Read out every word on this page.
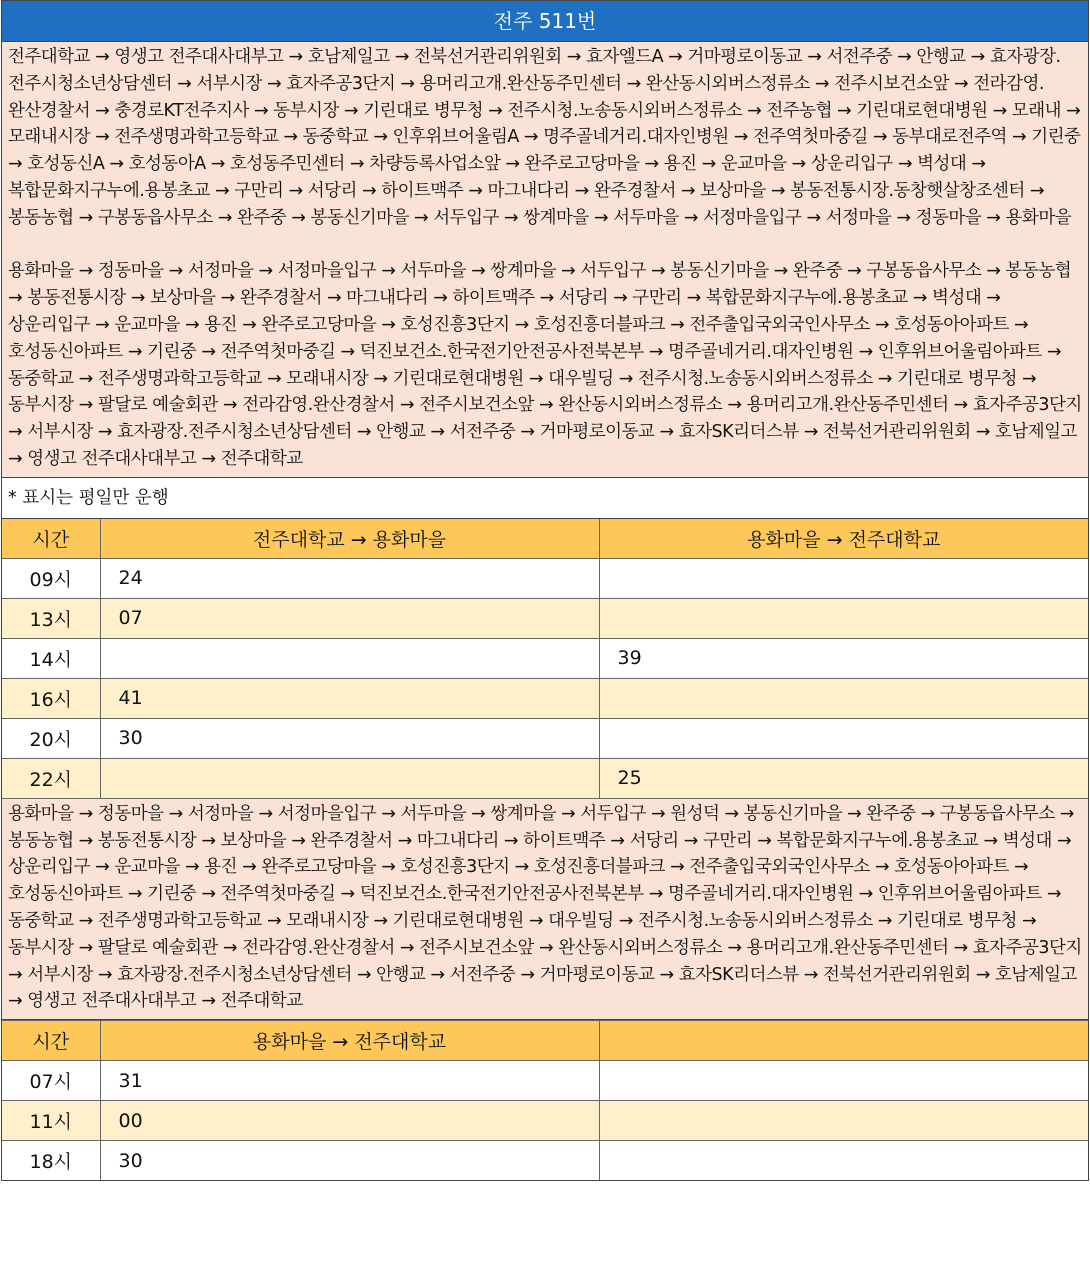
전주 511번

전주대학교 → 영생고 전주대사대부고 → 호남제일고 → 전북선거관리위원회 → 효자엘드A → 거마평로이동교 → 서전주중 → 안행교 → 효자광장.전주시청소년상담센터 → 서부시장 → 효자주공3단지 → 용머리고개.완산동주민센터 → 완산동시외버스정류소 → 전주시보건소앞 → 전라감영.완산경찰서 → 충경로KT전주지사 → 동부시장 → 기린대로 병무청 → 전주시청.노송동시외버스정류소 → 전주농협 → 기린대로현대병원 → 모래내 → 모래내시장 → 전주생명과학고등학교 → 동중학교 → 인후위브어울림A → 명주골네거리.대자인병원 → 전주역첫마중길 → 동부대로전주역 → 기린중 → 호성동신A → 호성동아A → 호성동주민센터 → 차량등록사업소앞 → 완주로고당마을 → 용진 → 운교마을 → 상운리입구 → 벽성대 → 복합문화지구누에.용봉초교 → 구만리 → 서당리 → 하이트맥주 → 마그내다리 → 완주경찰서 → 보상마을 → 봉동전통시장.동창햇살창조센터 → 봉동농협 → 구봉동읍사무소 → 완주중 → 봉동신기마을 → 서두입구 → 쌍계마을 → 서두마을 → 서정마을입구 → 서정마을 → 정동마을 → 용화마을

용화마을 → 정동마을 → 서정마을 → 서정마을입구 → 서두마을 → 쌍계마을 → 서두입구 → 봉동신기마을 → 완주중 → 구봉동읍사무소 → 봉동농협 → 봉동전통시장 → 보상마을 → 완주경찰서 → 마그내다리 → 하이트맥주 → 서당리 → 구만리 → 복합문화지구누에.용봉초교 → 벽성대 → 상운리입구 → 운교마을 → 용진 → 완주로고당마을 → 호성진흥3단지 → 호성진흥더블파크 → 전주출입국외국인사무소 → 호성동아아파트 → 호성동신아파트 → 기린중 → 전주역첫마중길 → 덕진보건소.한국전기안전공사전북본부 → 명주골네거리.대자인병원 → 인후위브어울림아파트 → 동중학교 → 전주생명과학고등학교 → 모래내시장 → 기린대로현대병원 → 대우빌딩 → 전주시청.노송동시외버스정류소 → 기린대로 병무청 → 동부시장 → 팔달로 예술회관 → 전라감영.완산경찰서 → 전주시보건소앞 → 완산동시외버스정류소 → 용머리고개.완산동주민센터 → 효자주공3단지 → 서부시장 → 효자광장.전주시청소년상담센터 → 안행교 → 서전주중 → 거마평로이동교 → 효자SK리더스뷰 → 전북선거관리위원회 → 호남제일고 → 영생고 전주대사대부고 → 전주대학교

* 표시는 평일만 운행
시간	전주대학교 → 용화마을	용화마을 → 전주대학교
09시	24	
13시	07	
14시		39
16시	41	
20시	30	
22시		25

용화마을 → 정동마을 → 서정마을 → 서정마을입구 → 서두마을 → 쌍계마을 → 서두입구 → 원성덕 → 봉동신기마을 → 완주중 → 구봉동읍사무소 → 봉동농협 → 봉동전통시장 → 보상마을 → 완주경찰서 → 마그내다리 → 하이트맥주 → 서당리 → 구만리 → 복합문화지구누에.용봉초교 → 벽성대 → 상운리입구 → 운교마을 → 용진 → 완주로고당마을 → 호성진흥3단지 → 호성진흥더블파크 → 전주출입국외국인사무소 → 호성동아아파트 → 호성동신아파트 → 기린중 → 전주역첫마중길 → 덕진보건소.한국전기안전공사전북본부 → 명주골네거리.대자인병원 → 인후위브어울림아파트 → 동중학교 → 전주생명과학고등학교 → 모래내시장 → 기린대로현대병원 → 대우빌딩 → 전주시청.노송동시외버스정류소 → 기린대로 병무청 → 동부시장 → 팔달로 예술회관 → 전라감영.완산경찰서 → 전주시보건소앞 → 완산동시외버스정류소 → 용머리고개.완산동주민센터 → 효자주공3단지 → 서부시장 → 효자광장.전주시청소년상담센터 → 안행교 → 서전주중 → 거마평로이동교 → 효자SK리더스뷰 → 전북선거관리위원회 → 호남제일고 → 영생고 전주대사대부고 → 전주대학교

시간	용화마을 → 전주대학교	
07시	31	
11시	00	
18시	30	
